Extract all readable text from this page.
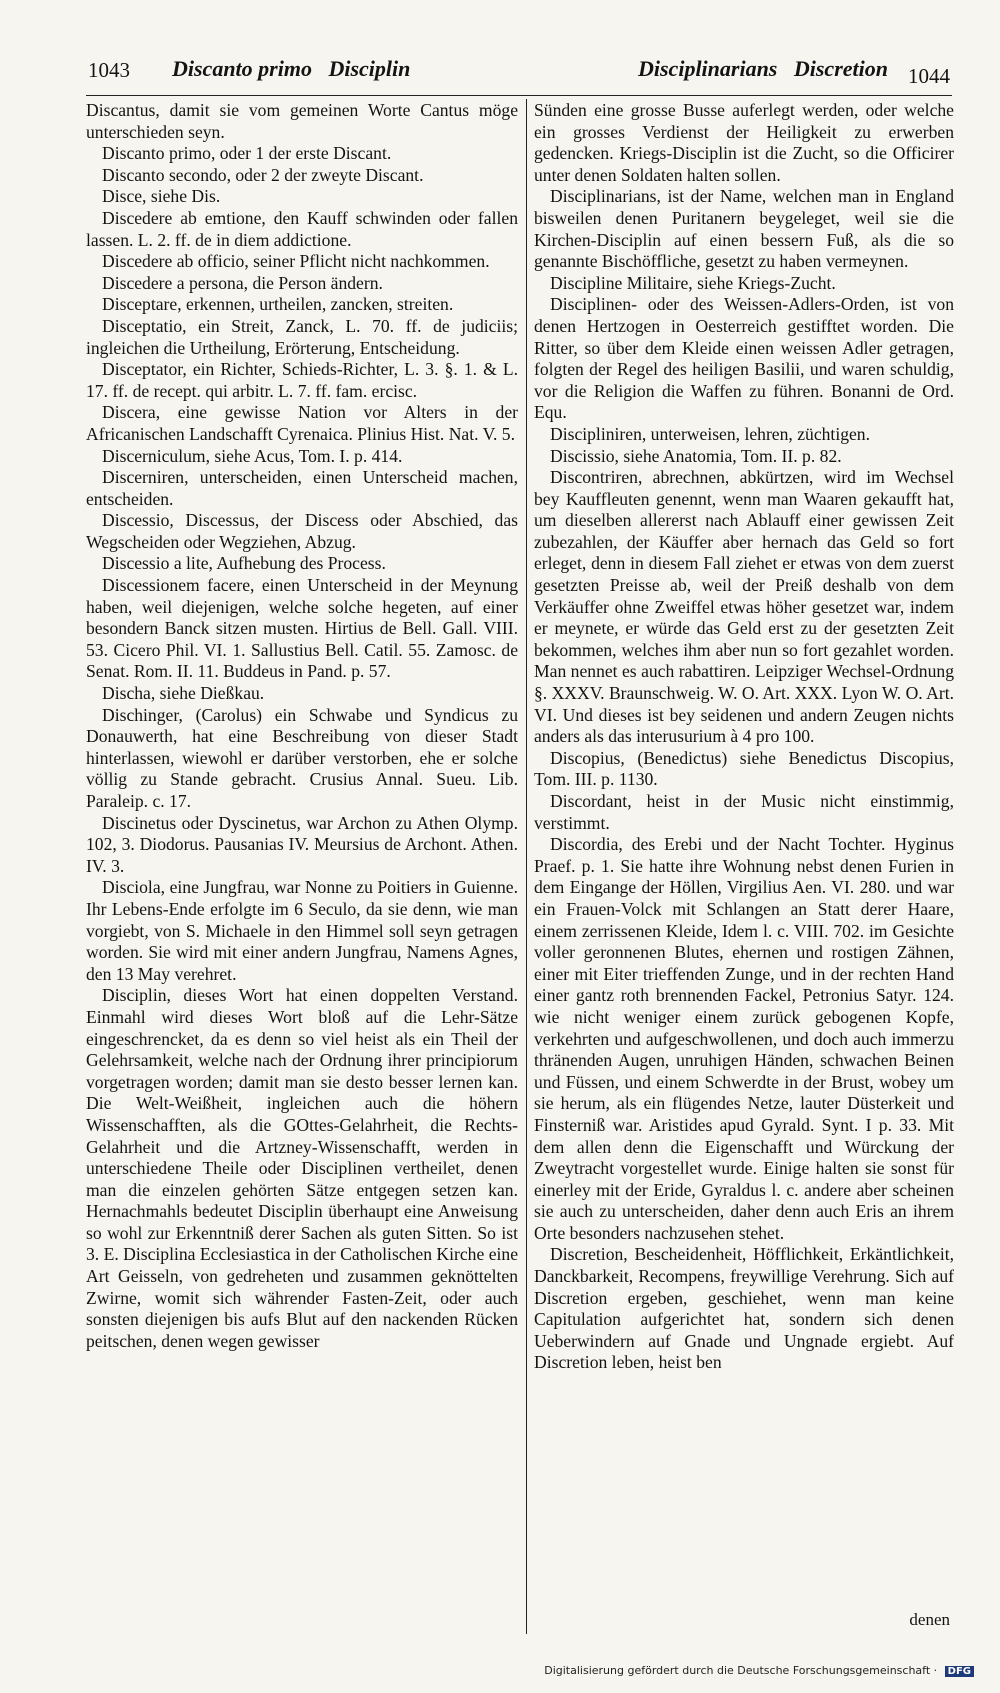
1043 Discanto primo   Disciplin	Disciplinarians   Discretion 1044

Discantus, damit sie vom gemeinen Worte Cantus möge unterschieden seyn.

Discanto primo, oder 1 der erste Discant.

Discanto secondo, oder 2 der zweyte Discant.

Disce, siehe Dis.

Discedere ab emtione, den Kauff schwinden oder fallen lassen. L. 2. ff. de in diem addictione.

Discedere ab officio, seiner Pflicht nicht nachkommen.

Discedere a persona, die Person ändern.

Disceptare, erkennen, urtheilen, zancken, streiten.

Disceptatio, ein Streit, Zanck, L. 70. ff. de judiciis; ingleichen die Urtheilung, Erörterung, Entscheidung.

Disceptator, ein Richter, Schieds-Richter, L. 3. §. 1. & L. 17. ff. de recept. qui arbitr. L. 7. ff. fam. ercisc.

Discera, eine gewisse Nation vor Alters in der Africanischen Landschafft Cyrenaica. Plinius Hist. Nat. V. 5.

Discerniculum, siehe Acus, Tom. I. p. 414.

Discerniren, unterscheiden, einen Unterscheid machen, entscheiden.

Discessio, Discessus, der Discess oder Abschied, das Wegscheiden oder Wegziehen, Abzug.

Discessio a lite, Aufhebung des Process.

Discessionem facere, einen Unterscheid in der Meynung haben, weil diejenigen, welche solche hegeten, auf einer besondern Banck sitzen musten. Hirtius de Bell. Gall. VIII. 53. Cicero Phil. VI. 1. Sallustius Bell. Catil. 55. Zamosc. de Senat. Rom. II. 11. Buddeus in Pand. p. 57.

Discha, siehe Dießkau.

Dischinger, (Carolus) ein Schwabe und Syndicus zu Donauwerth, hat eine Beschreibung von dieser Stadt hinterlassen, wiewohl er darüber verstorben, ehe er solche völlig zu Stande gebracht. Crusius Annal. Sueu. Lib. Paraleip. c. 17.

Discinetus oder Dyscinetus, war Archon zu Athen Olymp. 102, 3. Diodorus. Pausanias IV. Meursius de Archont. Athen. IV. 3.

Disciola, eine Jungfrau, war Nonne zu Poitiers in Guienne. Ihr Lebens-Ende erfolgte im 6 Seculo, da sie denn, wie man vorgiebt, von S. Michaele in den Himmel soll seyn getragen worden. Sie wird mit einer andern Jungfrau, Namens Agnes, den 13 May verehret.

Disciplin, dieses Wort hat einen doppelten Verstand. Einmahl wird dieses Wort bloß auf die Lehr-Sätze eingeschrencket, da es denn so viel heist als ein Theil der Gelehrsamkeit, welche nach der Ordnung ihrer principiorum vorgetragen worden; damit man sie desto besser lernen kan. Die Welt-Weißheit, ingleichen auch die höhern Wissenschafften, als die GOttes-Gelahrheit, die Rechts-Gelahrheit und die Artzney-Wissenschafft, werden in unterschiedene Theile oder Disciplinen vertheilet, denen man die einzelen gehörten Sätze entgegen setzen kan. Hernachmahls bedeutet Disciplin überhaupt eine Anweisung so wohl zur Erkenntniß derer Sachen als guten Sitten. So ist 3. E. Disciplina Ecclesiastica in der Catholischen Kirche eine Art Geisseln, von gedreheten und zusammen geknöttelten Zwirne, womit sich währender Fasten-Zeit, oder auch sonsten diejenigen bis aufs Blut auf den nackenden Rücken peitschen, denen wegen gewisser

Sünden eine grosse Busse auferlegt werden, oder welche ein grosses Verdienst der Heiligkeit zu erwerben gedencken. Kriegs-Disciplin ist die Zucht, so die Officirer unter denen Soldaten halten sollen.

Disciplinarians, ist der Name, welchen man in England bisweilen denen Puritanern beygeleget, weil sie die Kirchen-Disciplin auf einen bessern Fuß, als die so genannte Bischöffliche, gesetzt zu haben vermeynen.

Discipline Militaire, siehe Kriegs-Zucht.

Disciplinen- oder des Weissen-Adlers-Orden, ist von denen Hertzogen in Oesterreich gestifftet worden. Die Ritter, so über dem Kleide einen weissen Adler getragen, folgten der Regel des heiligen Basilii, und waren schuldig, vor die Religion die Waffen zu führen. Bonanni de Ord. Equ.

Discipliniren, unterweisen, lehren, züchtigen.

Discissio, siehe Anatomia, Tom. II. p. 82.

Discontriren, abrechnen, abkürtzen, wird im Wechsel bey Kauffleuten genennt, wenn man Waaren gekaufft hat, um dieselben allererst nach Ablauff einer gewissen Zeit zubezahlen, der Käuffer aber hernach das Geld so fort erleget, denn in diesem Fall ziehet er etwas von dem zuerst gesetzten Preisse ab, weil der Preiß deshalb von dem Verkäuffer ohne Zweiffel etwas höher gesetzet war, indem er meynete, er würde das Geld erst zu der gesetzten Zeit bekommen, welches ihm aber nun so fort gezahlet worden. Man nennet es auch rabattiren. Leipziger Wechsel-Ordnung §. XXXV. Braunschweig. W. O. Art. XXX. Lyon W. O. Art. VI. Und dieses ist bey seidenen und andern Zeugen nichts anders als das interusurium à 4 pro 100.

Discopius, (Benedictus) siehe Benedictus Discopius, Tom. III. p. 1130.

Discordant, heist in der Music nicht einstimmig, verstimmt.

Discordia, des Erebi und der Nacht Tochter. Hyginus Praef. p. 1. Sie hatte ihre Wohnung nebst denen Furien in dem Eingange der Höllen, Virgilius Aen. VI. 280. und war ein Frauen-Volck mit Schlangen an Statt derer Haare, einem zerrissenen Kleide, Idem l. c. VIII. 702. im Gesichte voller geronnenen Blutes, ehernen und rostigen Zähnen, einer mit Eiter trieffenden Zunge, und in der rechten Hand einer gantz roth brennenden Fackel, Petronius Satyr. 124. wie nicht weniger einem zurück gebogenen Kopfe, verkehrten und aufgeschwollenen, und doch auch immerzu thränenden Augen, unruhigen Händen, schwachen Beinen und Füssen, und einem Schwerdte in der Brust, wobey um sie herum, als ein flügendes Netze, lauter Düsterkeit und Finsterniß war. Aristides apud Gyrald. Synt. I p. 33. Mit dem allen denn die Eigenschafft und Würckung der Zweytracht vorgestellet wurde. Einige halten sie sonst für einerley mit der Eride, Gyraldus l. c. andere aber scheinen sie auch zu unterscheiden, daher denn auch Eris an ihrem Orte besonders nachzusehen stehet.

Discretion, Bescheidenheit, Höfflichkeit, Erkäntlichkeit, Danckbarkeit, Recompens, freywillige Verehrung. Sich auf Discretion ergeben, geschiehet, wenn man keine Capitulation aufgerichtet hat, sondern sich denen Ueberwindern auf Gnade und Ungnade ergiebt. Auf Discretion leben, heist ben

denen
Digitalisierung gefördert durch die Deutsche Forschungsgemeinschaft · DFG
